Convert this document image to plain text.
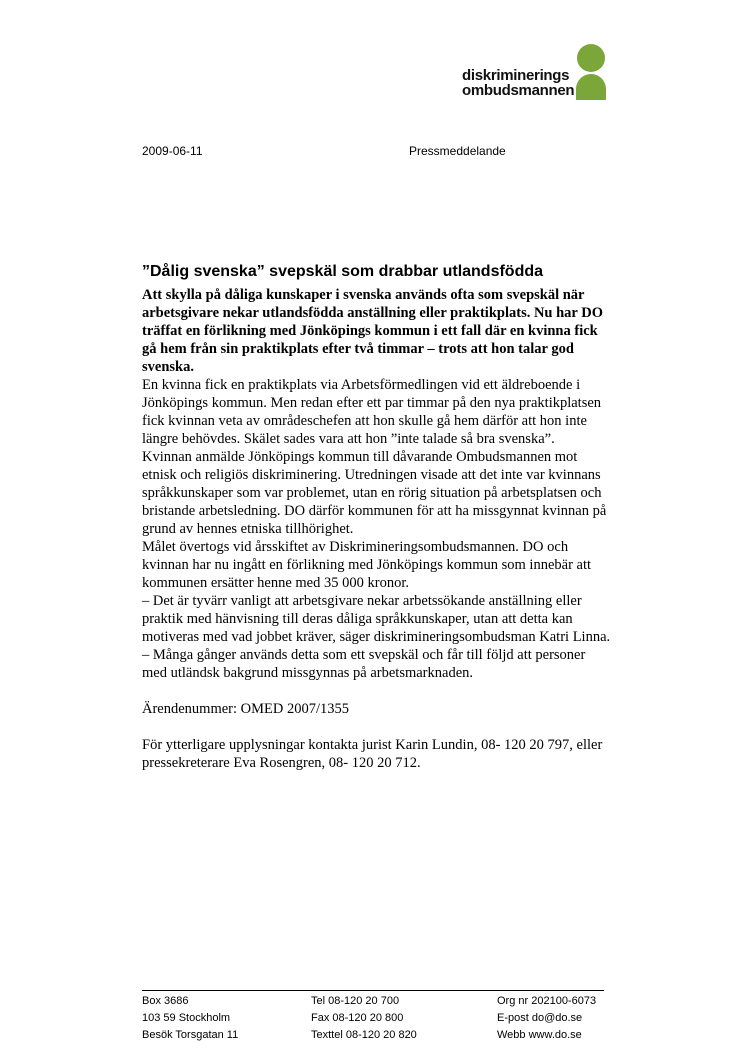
diskriminerings
ombudsmannen
2009-06-11	Pressmeddelande
”Dålig svenska” svepskäl som drabbar utlandsfödda

Att skylla på dåliga kunskaper i svenska används ofta som svepskäl när arbetsgivare nekar utlandsfödda anställning eller praktikplats. Nu har DO träffat en förlikning med Jönköpings kommun i ett fall där en kvinna fick gå hem från sin praktikplats efter två timmar – trots att hon talar god svenska.

En kvinna fick en praktikplats via Arbetsförmedlingen vid ett äldreboende i Jönköpings kommun. Men redan efter ett par timmar på den nya praktikplatsen fick kvinnan veta av områdeschefen att hon skulle gå hem därför att hon inte längre behövdes. Skälet sades vara att hon ”inte talade så bra svenska”.

Kvinnan anmälde Jönköpings kommun till dåvarande Ombudsmannen mot etnisk och religiös diskriminering. Utredningen visade att det inte var kvinnans språkkunskaper som var problemet, utan en rörig situation på arbetsplatsen och bristande arbetsledning. DO därför kommunen för att ha missgynnat kvinnan på grund av hennes etniska tillhörighet.

Målet övertogs vid årsskiftet av Diskrimineringsombudsmannen. DO och kvinnan har nu ingått en förlikning med Jönköpings kommun som innebär att kommunen ersätter henne med 35 000 kronor.

– Det är tyvärr vanligt att arbetsgivare nekar arbetssökande anställning eller praktik med hänvisning till deras dåliga språkkunskaper, utan att detta kan motiveras med vad jobbet kräver, säger diskrimineringsombudsman Katri Linna.

– Många gånger används detta som ett svepskäl och får till följd att personer med utländsk bakgrund missgynnas på arbetsmarknaden.

Ärendenummer: OMED 2007/1355

För ytterligare upplysningar kontakta jurist Karin Lundin, 08- 120 20 797, eller pressekreterare Eva Rosengren, 08- 120 20 712.

Box 3686
103 59 Stockholm
Besök Torsgatan 11
Tel 08-120 20 700
Fax 08-120 20 800
Texttel 08-120 20 820
Org nr 202100-6073
E-post do@do.se
Webb www.do.se
